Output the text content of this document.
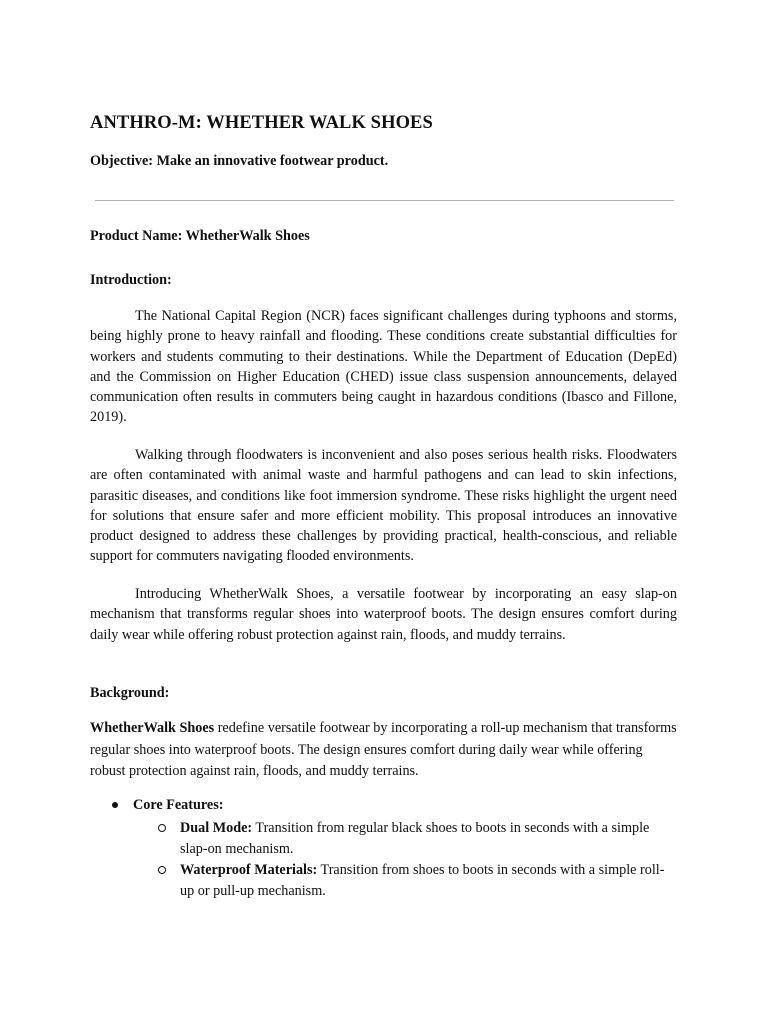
ANTHRO-M: WHETHER WALK SHOES
Objective: Make an innovative footwear product.
Product Name: WhetherWalk Shoes
Introduction:

The National Capital Region (NCR) faces significant challenges during typhoons and storms, being highly prone to heavy rainfall and flooding. These conditions create substantial difficulties for workers and students commuting to their destinations. While the Department of Education (DepEd) and the Commission on Higher Education (CHED) issue class suspension announcements, delayed communication often results in commuters being caught in hazardous conditions (Ibasco and Fillone, 2019).

Walking through floodwaters is inconvenient and also poses serious health risks. Floodwaters are often contaminated with animal waste and harmful pathogens and can lead to skin infections, parasitic diseases, and conditions like foot immersion syndrome. These risks highlight the urgent need for solutions that ensure safer and more efficient mobility. This proposal introduces an innovative product designed to address these challenges by providing practical, health-conscious, and reliable support for commuters navigating flooded environments.

Introducing WhetherWalk Shoes, a versatile footwear by incorporating an easy slap-on mechanism that transforms regular shoes into waterproof boots. The design ensures comfort during daily wear while offering robust protection against rain, floods, and muddy terrains.

Background:

WhetherWalk Shoes redefine versatile footwear by incorporating a roll-up mechanism that transforms regular shoes into waterproof boots. The design ensures comfort during daily wear while offering robust protection against rain, floods, and muddy terrains.

Core Features:
Dual Mode: Transition from regular black shoes to boots in seconds with a simple slap-on mechanism.
Waterproof Materials: Transition from shoes to boots in seconds with a simple roll-up or pull-up mechanism.
